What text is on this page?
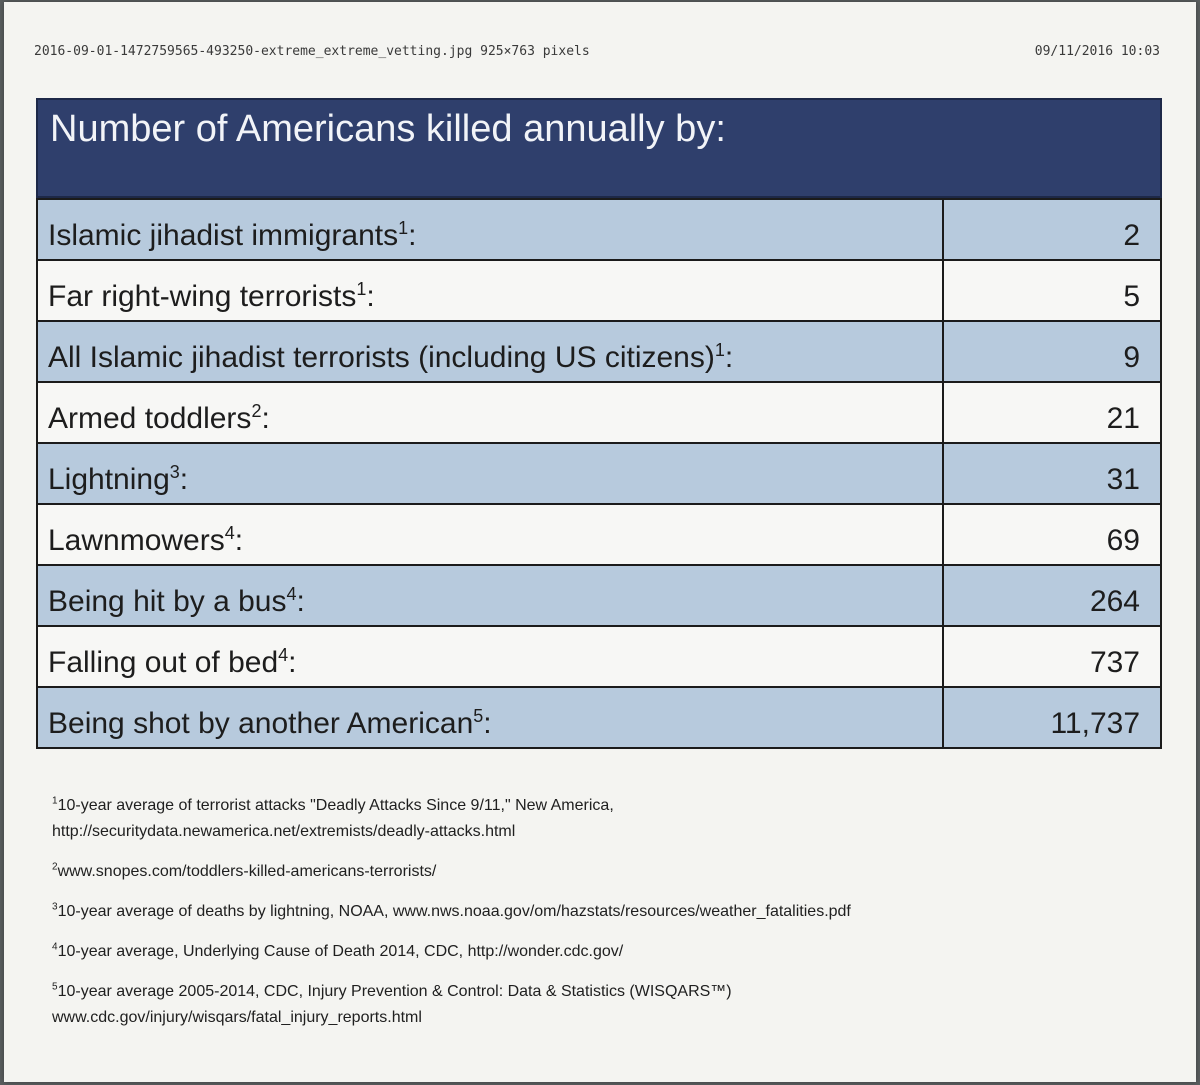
2016-09-01-1472759565-493250-extreme_extreme_vetting.jpg 925×763 pixels	09/11/2016 10:03
Number of Americans killed annually by:
Islamic jihadist immigrants$^1$:	2
Far right-wing terrorists$^1$:	5
All Islamic jihadist terrorists (including US citizens)$^1$:	9
Armed toddlers$^2$:	21
Lightning$^3$:	31
Lawnmowers$^4$:	69
Being hit by a bus$^4$:	264
Falling out of bed$^4$:	737
Being shot by another American$^5$:	11,737
$^1$10-year average of terrorist attacks "Deadly Attacks Since 9/11," New America,
http://securitydata.newamerica.net/extremists/deadly-attacks.html
$^2$www.snopes.com/toddlers-killed-americans-terrorists/
$^3$10-year average of deaths by lightning, NOAA, www.nws.noaa.gov/om/hazstats/resources/weather_fatalities.pdf
$^4$10-year average, Underlying Cause of Death 2014, CDC, http://wonder.cdc.gov/
$^5$10-year average 2005-2014, CDC, Injury Prevention & Control: Data & Statistics (WISQARS™)
www.cdc.gov/injury/wisqars/fatal_injury_reports.html
